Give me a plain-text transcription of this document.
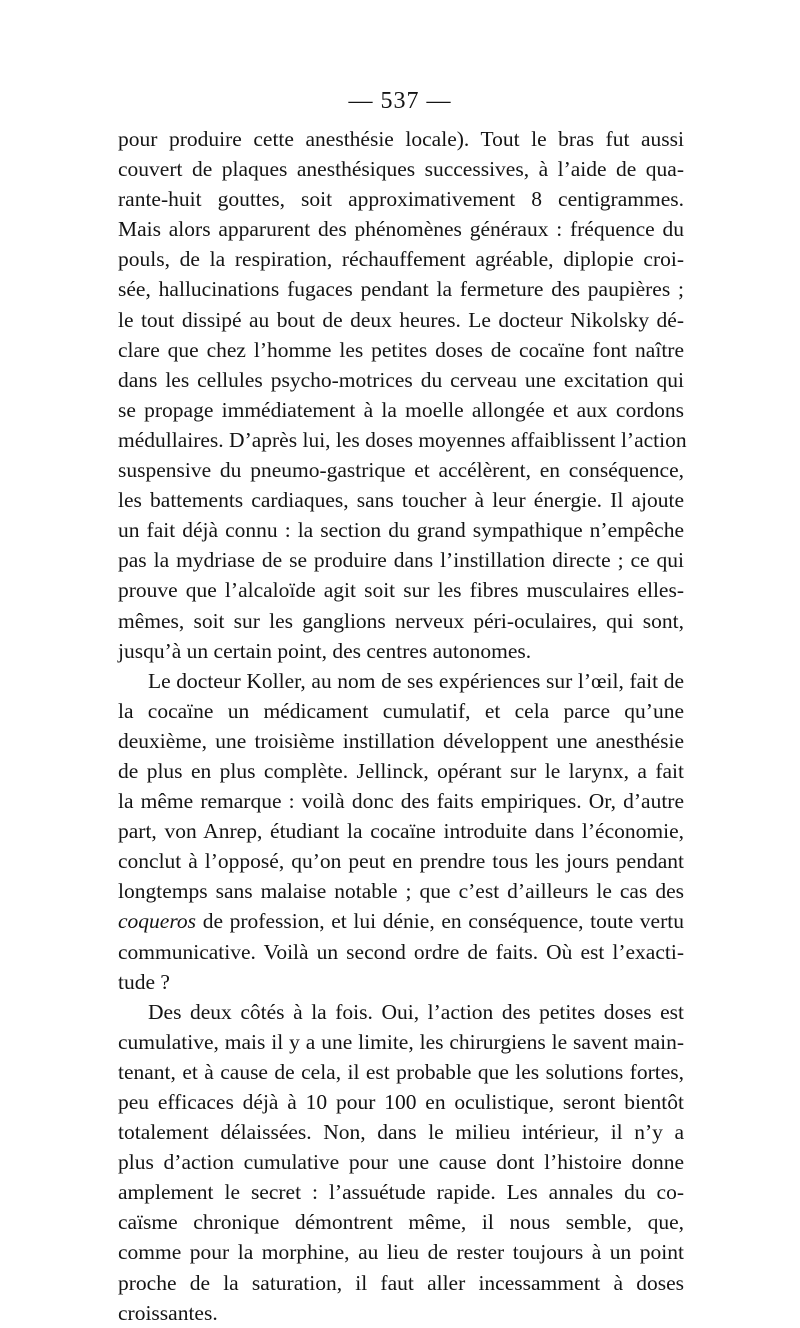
— 537 —
pour produire cette anesthésie locale). Tout le bras fut aussi
couvert de plaques anesthésiques successives, à l’aide de qua-
rante-huit gouttes, soit approximativement 8 centigrammes.
Mais alors apparurent des phénomènes généraux : fréquence du
pouls, de la respiration, réchauffement agréable, diplopie croi-
sée, hallucinations fugaces pendant la fermeture des paupières ;
le tout dissipé au bout de deux heures. Le docteur Nikolsky dé-
clare que chez l’homme les petites doses de cocaïne font naître
dans les cellules psycho-motrices du cerveau une excitation qui
se propage immédiatement à la moelle allongée et aux cordons
médullaires. D’après lui, les doses moyennes affaiblissent l’action
suspensive du pneumo-gastrique et accélèrent, en conséquence,
les battements cardiaques, sans toucher à leur énergie. Il ajoute
un fait déjà connu : la section du grand sympathique n’empêche
pas la mydriase de se produire dans l’instillation directe ; ce qui
prouve que l’alcaloïde agit soit sur les fibres musculaires elles-
mêmes, soit sur les ganglions nerveux péri-oculaires, qui sont,
jusqu’à un certain point, des centres autonomes.
Le docteur Koller, au nom de ses expériences sur l’œil, fait de
la cocaïne un médicament cumulatif, et cela parce qu’une
deuxième, une troisième instillation développent une anesthésie
de plus en plus complète. Jellinck, opérant sur le larynx, a fait
la même remarque : voilà donc des faits empiriques. Or, d’autre
part, von Anrep, étudiant la cocaïne introduite dans l’économie,
conclut à l’opposé, qu’on peut en prendre tous les jours pendant
longtemps sans malaise notable ; que c’est d’ailleurs le cas des
coqueros de profession, et lui dénie, en conséquence, toute vertu
communicative. Voilà un second ordre de faits. Où est l’exacti-
tude ?
Des deux côtés à la fois. Oui, l’action des petites doses est
cumulative, mais il y a une limite, les chirurgiens le savent main-
tenant, et à cause de cela, il est probable que les solutions fortes,
peu efficaces déjà à 10 pour 100 en oculistique, seront bientôt
totalement délaissées. Non, dans le milieu intérieur, il n’y a
plus d’action cumulative pour une cause dont l’histoire donne
amplement le secret : l’assuétude rapide. Les annales du co-
caïsme chronique démontrent même, il nous semble, que,
comme pour la morphine, au lieu de rester toujours à un point
proche de la saturation, il faut aller incessamment à doses
croissantes.
